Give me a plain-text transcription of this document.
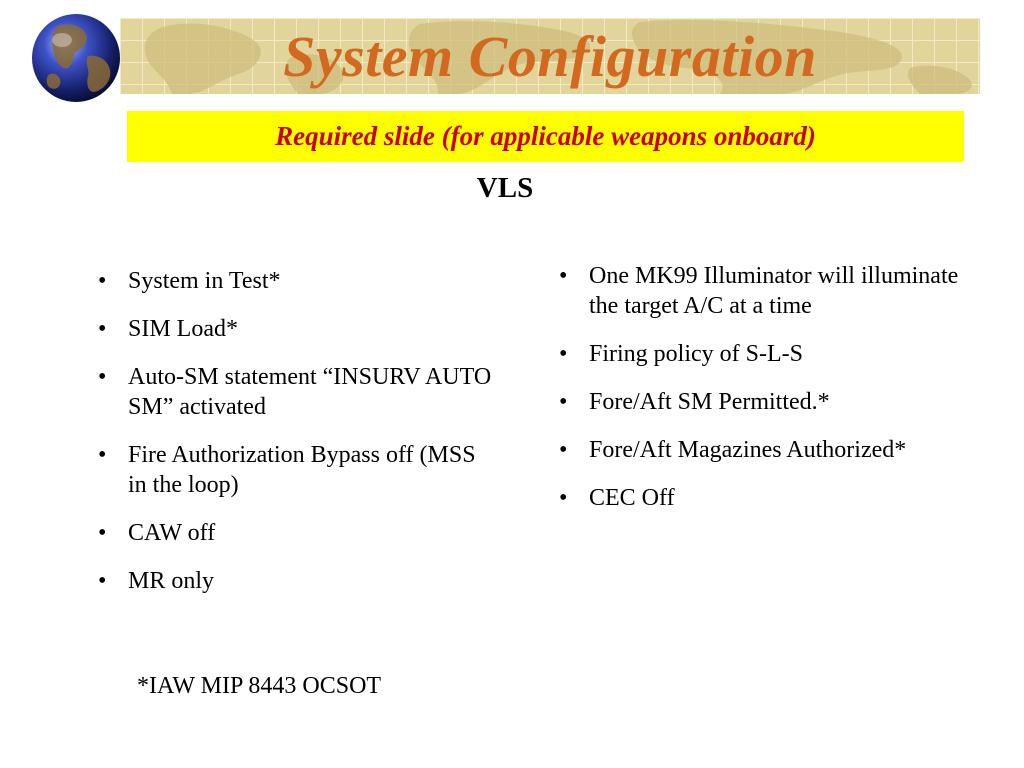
System Configuration
Required slide (for applicable weapons onboard)
VLS
• System in Test*
• SIM Load*
• Auto-SM statement “INSURV AUTO SM” activated
• Fire Authorization Bypass off (MSS in the loop)
• CAW off
• MR only
• One MK99 Illuminator will illuminate the target A/C at a time
• Firing policy of S-L-S
• Fore/Aft SM Permitted.*
• Fore/Aft Magazines Authorized*
• CEC Off
*IAW MIP 8443 OCSOT
